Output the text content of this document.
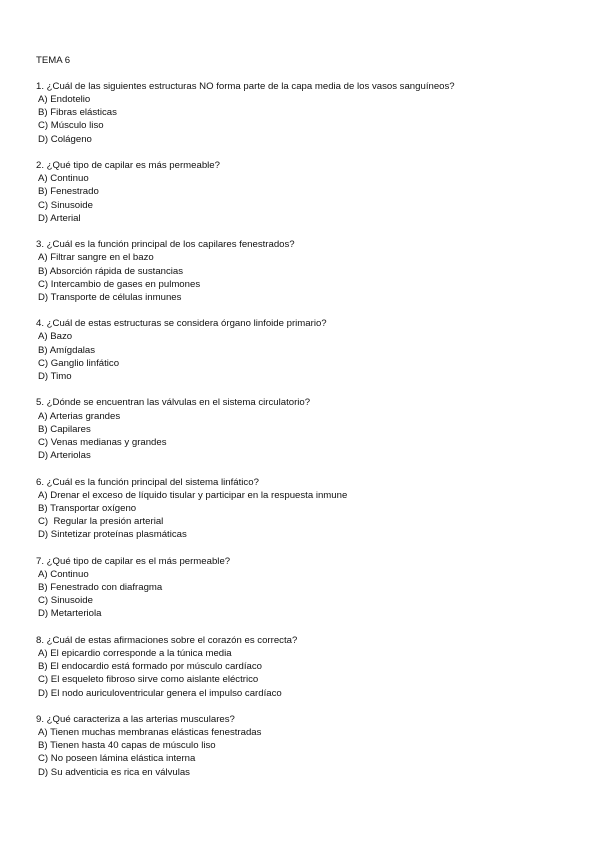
TEMA 6
1. ¿Cuál de las siguientes estructuras NO forma parte de la capa media de los vasos sanguíneos?
A) Endotelio
B) Fibras elásticas
C) Músculo liso
D) Colágeno
2. ¿Qué tipo de capilar es más permeable?
A) Continuo
B) Fenestrado
C) Sinusoide
D) Arterial
3. ¿Cuál es la función principal de los capilares fenestrados?
A) Filtrar sangre en el bazo
B) Absorción rápida de sustancias
C) Intercambio de gases en pulmones
D) Transporte de células inmunes
4. ¿Cuál de estas estructuras se considera órgano linfoide primario?
A) Bazo
B) Amígdalas
C) Ganglio linfático
D) Timo
5. ¿Dónde se encuentran las válvulas en el sistema circulatorio?
A) Arterias grandes
B) Capilares
C) Venas medianas y grandes
D) Arteriolas
6. ¿Cuál es la función principal del sistema linfático?
A) Drenar el exceso de líquido tisular y participar en la respuesta inmune
B) Transportar oxígeno
C)  Regular la presión arterial
D) Sintetizar proteínas plasmáticas
7. ¿Qué tipo de capilar es el más permeable?
A) Continuo
B) Fenestrado con diafragma
C) Sinusoide
D) Metarteriola
8. ¿Cuál de estas afirmaciones sobre el corazón es correcta?
A) El epicardio corresponde a la túnica media
B) El endocardio está formado por músculo cardíaco
C) El esqueleto fibroso sirve como aislante eléctrico
D) El nodo auriculoventricular genera el impulso cardíaco
9. ¿Qué caracteriza a las arterias musculares?
A) Tienen muchas membranas elásticas fenestradas
B) Tienen hasta 40 capas de músculo liso
C) No poseen lámina elástica interna
D) Su adventicia es rica en válvulas
